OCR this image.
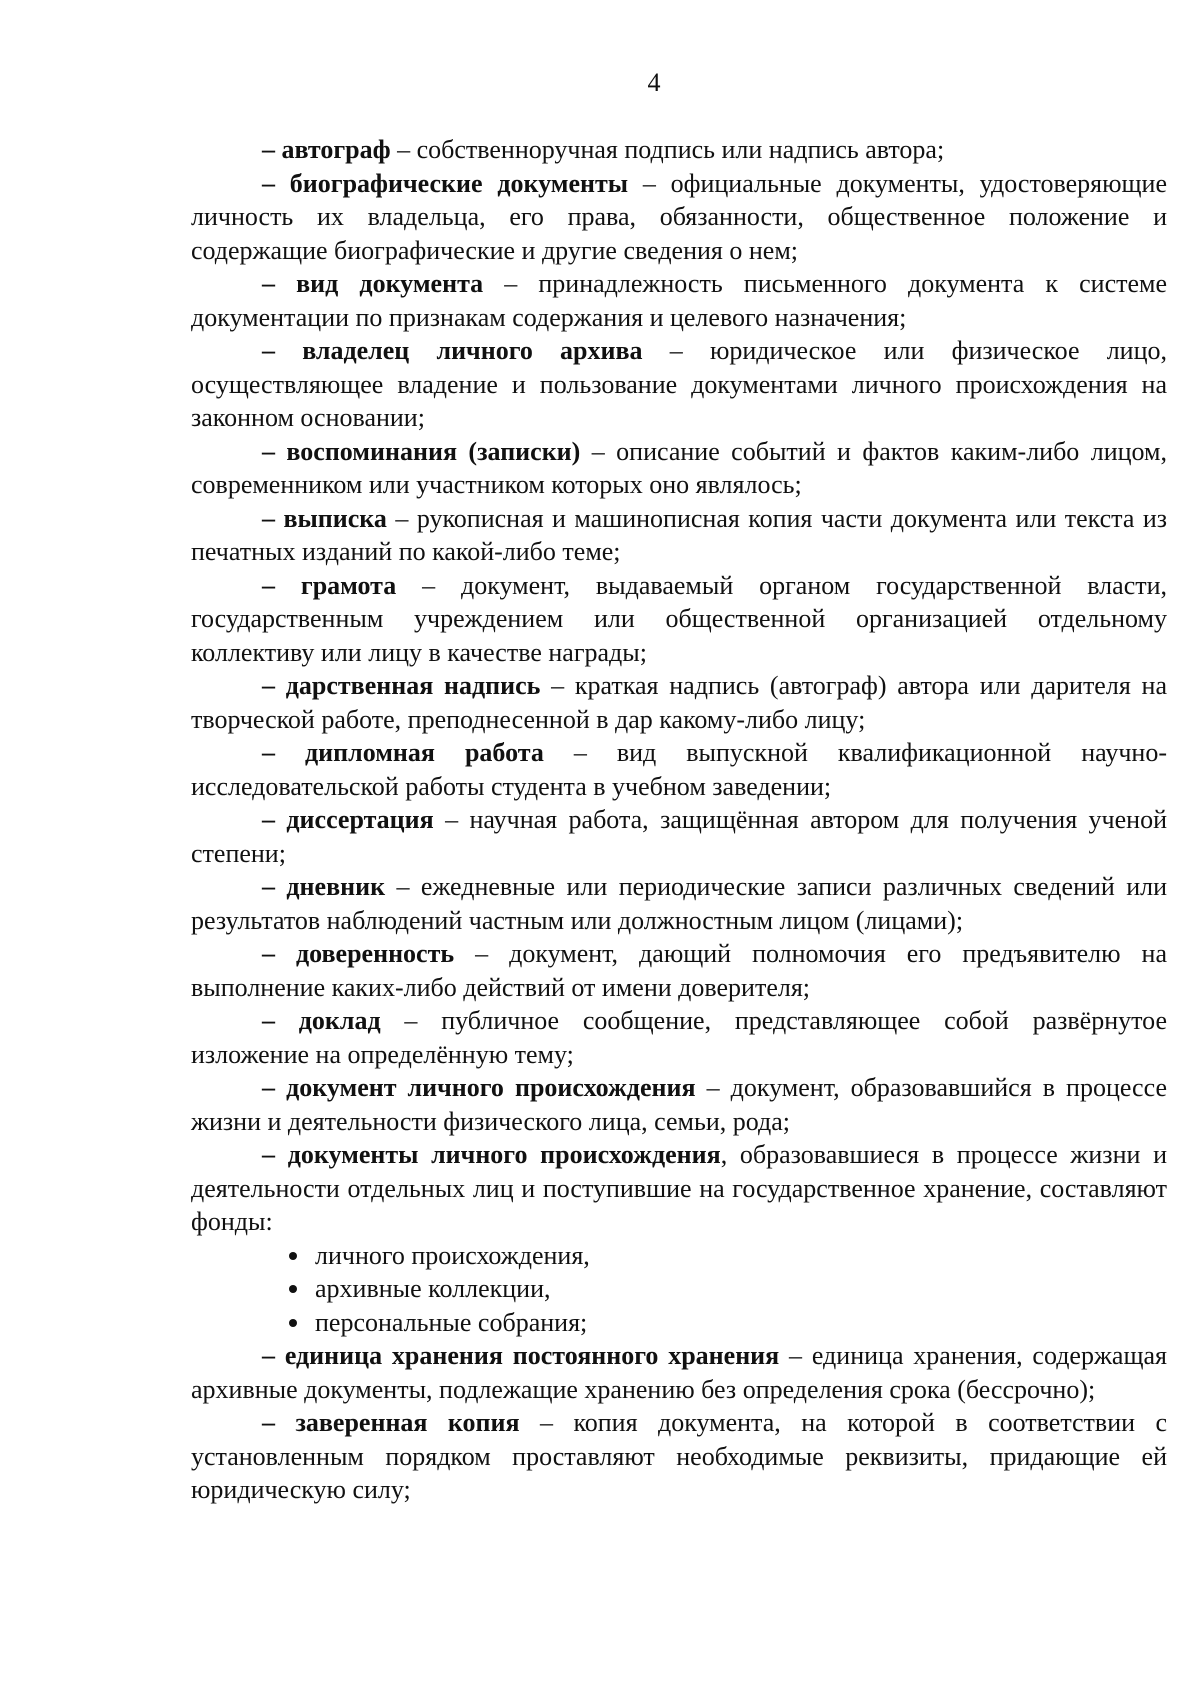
4

– автограф – собственноручная подпись или надпись автора;

– биографические документы – официальные документы, удостоверяющие личность их владельца, его права, обязанности, общественное положение и содержащие биографические и другие сведения о нем;

– вид документа – принадлежность письменного документа к системе документации по признакам содержания и целевого назначения;

– владелец личного архива – юридическое или физическое лицо, осуществляющее владение и пользование документами личного происхождения на законном основании;

– воспоминания (записки) – описание событий и фактов каким-либо лицом, современником или участником которых оно являлось;

– выписка – рукописная и машинописная копия части документа или текста из печатных изданий по какой-либо теме;

– грамота – документ, выдаваемый органом государственной власти, государственным учреждением или общественной организацией отдельному коллективу или лицу в качестве награды;

– дарственная надпись – краткая надпись (автограф) автора или дарителя на творческой работе, преподнесенной в дар какому-либо лицу;

– дипломная работа – вид выпускной квалификационной научно-исследовательской работы студента в учебном заведении;

– диссертация – научная работа, защищённая автором для получения ученой степени;

– дневник – ежедневные или периодические записи различных сведений или результатов наблюдений частным или должностным лицом (лицами);

– доверенность – документ, дающий полномочия его предъявителю на выполнение каких-либо действий от имени доверителя;

– доклад – публичное сообщение, представляющее собой развёрнутое изложение на определённую тему;

– документ личного происхождения – документ, образовавшийся в процессе жизни и деятельности физического лица, семьи, рода;

– документы личного происхождения, образовавшиеся в процессе жизни и деятельности отдельных лиц и поступившие на государственное хранение, составляют фонды:

личного происхождения,
архивные коллекции,
персональные собрания;

– единица хранения постоянного хранения – единица хранения, содержащая архивные документы, подлежащие хранению без определения срока (бессрочно);

– заверенная копия – копия документа, на которой в соответствии с установленным порядком проставляют необходимые реквизиты, придающие ей юридическую силу;
